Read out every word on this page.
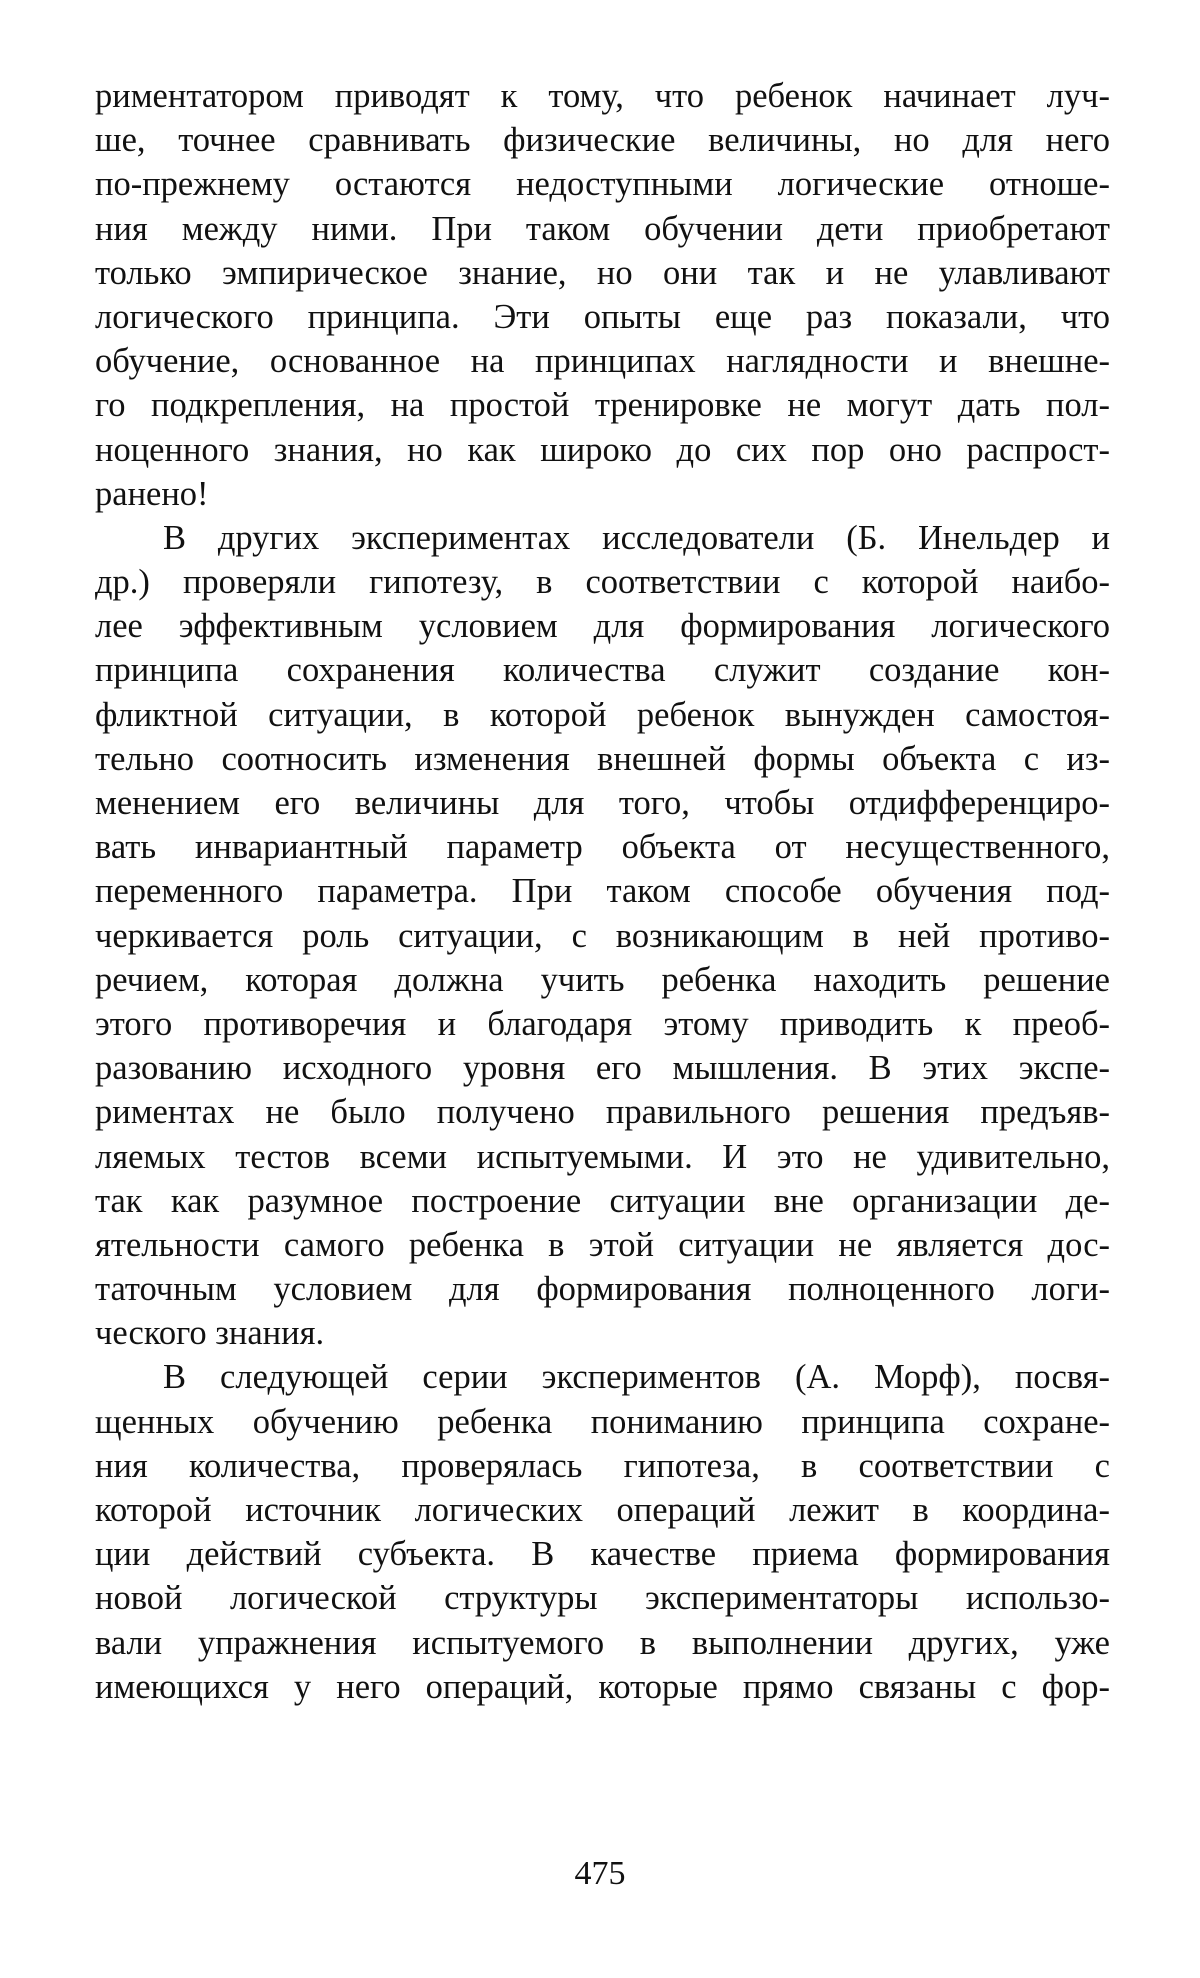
риментатором приводят к тому, что ребенок начинает луч-
ше, точнее сравнивать физические величины, но для него
по-прежнему остаются недоступными логические отноше-
ния между ними. При таком обучении дети приобретают
только эмпирическое знание, но они так и не улавливают
логического принципа. Эти опыты еще раз показали, что
обучение, основанное на принципах наглядности и внешне-
го подкрепления, на простой тренировке не могут дать пол-
ноценного знания, но как широко до сих пор оно распрост-
ранено!
В других экспериментах исследователи (Б. Инельдер и
др.) проверяли гипотезу, в соответствии с которой наибо-
лее эффективным условием для формирования логического
принципа сохранения количества служит создание кон-
фликтной ситуации, в которой ребенок вынужден самостоя-
тельно соотносить изменения внешней формы объекта с из-
менением его величины для того, чтобы отдифференциро-
вать инвариантный параметр объекта от несущественного,
переменного параметра. При таком способе обучения под-
черкивается роль ситуации, с возникающим в ней противо-
речием, которая должна учить ребенка находить решение
этого противоречия и благодаря этому приводить к преоб-
разованию исходного уровня его мышления. В этих экспе-
риментах не было получено правильного решения предъяв-
ляемых тестов всеми испытуемыми. И это не удивительно,
так как разумное построение ситуации вне организации де-
ятельности самого ребенка в этой ситуации не является дос-
таточным условием для формирования полноценного логи-
ческого знания.
В следующей серии экспериментов (А. Морф), посвя-
щенных обучению ребенка пониманию принципа сохране-
ния количества, проверялась гипотеза, в соответствии с
которой источник логических операций лежит в координа-
ции действий субъекта. В качестве приема формирования
новой логической структуры экспериментаторы использо-
вали упражнения испытуемого в выполнении других, уже
имеющихся у него операций, которые прямо связаны с фор-
475
